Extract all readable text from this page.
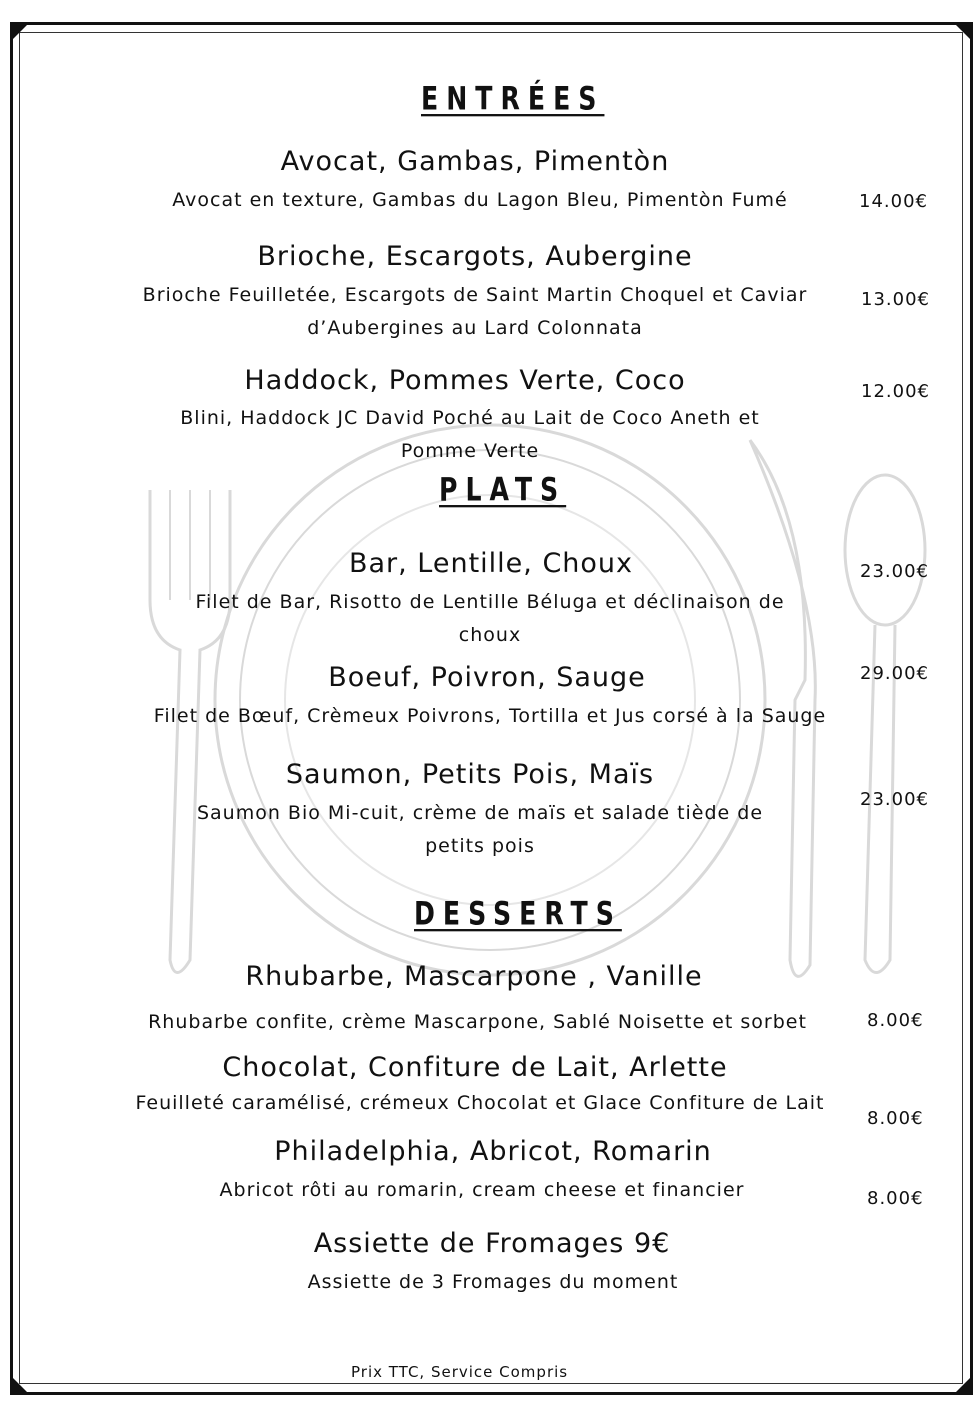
ENTRÉES
Avocat, Gambas, Pimentòn
Avocat en texture, Gambas du Lagon Bleu, Pimentòn Fumé	14.00€
Brioche, Escargots, Aubergine
Brioche Feuilletée, Escargots de Saint Martin Choquel et Caviar d’Aubergines au Lard Colonnata
13.00€
Haddock, Pommes Verte, Coco
Blini, Haddock JC David Poché au Lait de Coco Aneth et Pomme Verte
12.00€
PLATS
Bar, Lentille, Choux
Filet de Bar, Risotto de Lentille Béluga et déclinaison de choux
23.00€
Boeuf, Poivron, Sauge
Filet de Bœuf, Crèmeux Poivrons, Tortilla et Jus corsé à la Sauge
29.00€
Saumon, Petits Pois, Maïs
Saumon Bio Mi-cuit, crème de maïs et salade tiède de petits pois
23.00€
DESSERTS
Rhubarbe, Mascarpone , Vanille
Rhubarbe confite, crème Mascarpone, Sablé Noisette et sorbet	8.00€
Chocolat, Confiture de Lait, Arlette
Feuilleté caramélisé, crémeux Chocolat et Glace Confiture de Lait
8.00€
Philadelphia, Abricot, Romarin
Abricot rôti au romarin, cream cheese et financier	8.00€
Assiette de Fromages 9€
Assiette de 3 Fromages du moment
Prix TTC, Service Compris
